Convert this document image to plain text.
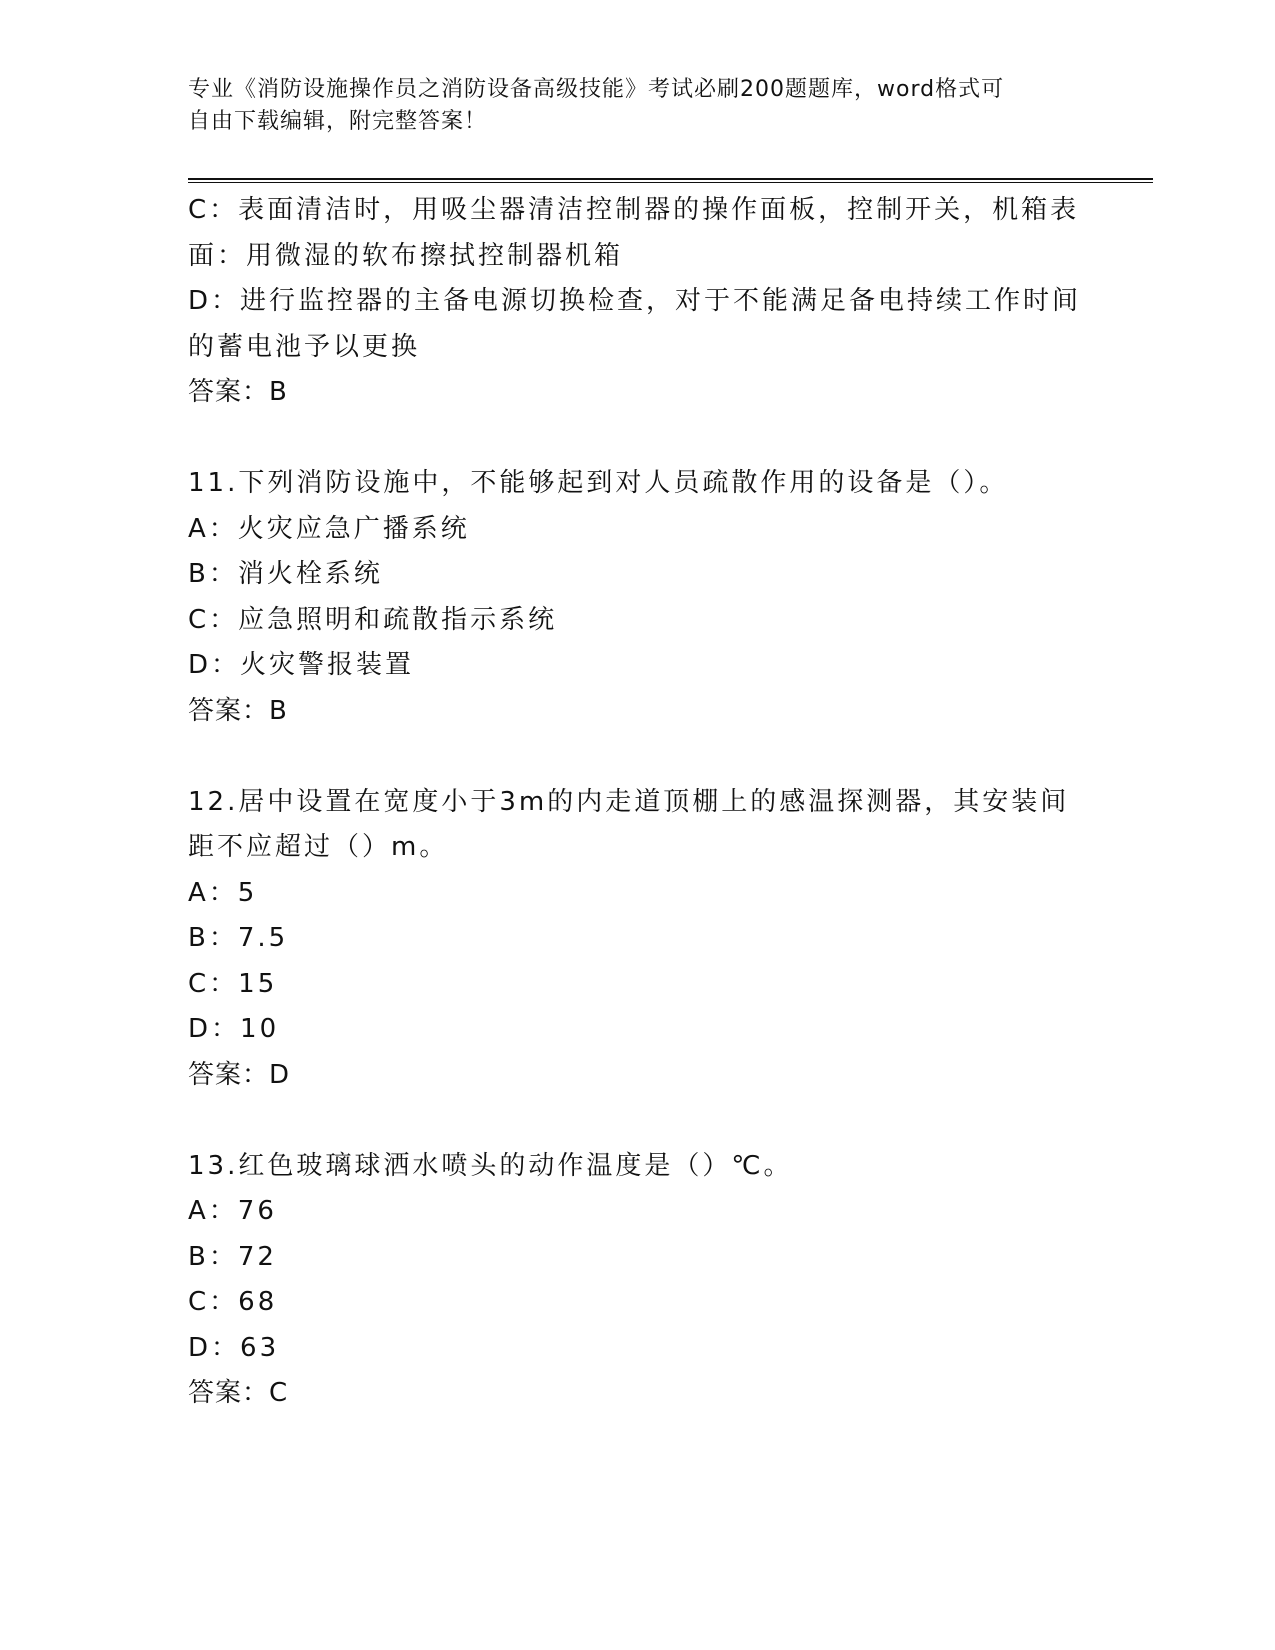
专业《消防设施操作员之消防设备高级技能》考试必刷200题题库，word格式可
自由下载编辑，附完整答案！
C：表面清洁时，用吸尘器清洁控制器的操作面板，控制开关，机箱表
面：用微湿的软布擦拭控制器机箱
D：进行监控器的主备电源切换检查，对于不能满足备电持续工作时间
的蓄电池予以更换
答案：B
11.下列消防设施中，不能够起到对人员疏散作用的设备是（）。
A：火灾应急广播系统
B：消火栓系统
C：应急照明和疏散指示系统
D：火灾警报装置
答案：B
12.居中设置在宽度小于3m的内走道顶棚上的感温探测器，其安装间
距不应超过（）m。
A：5
B：7.5
C：15
D：10
答案：D
13.红色玻璃球洒水喷头的动作温度是（）℃。
A：76
B：72
C：68
D：63
答案：C
